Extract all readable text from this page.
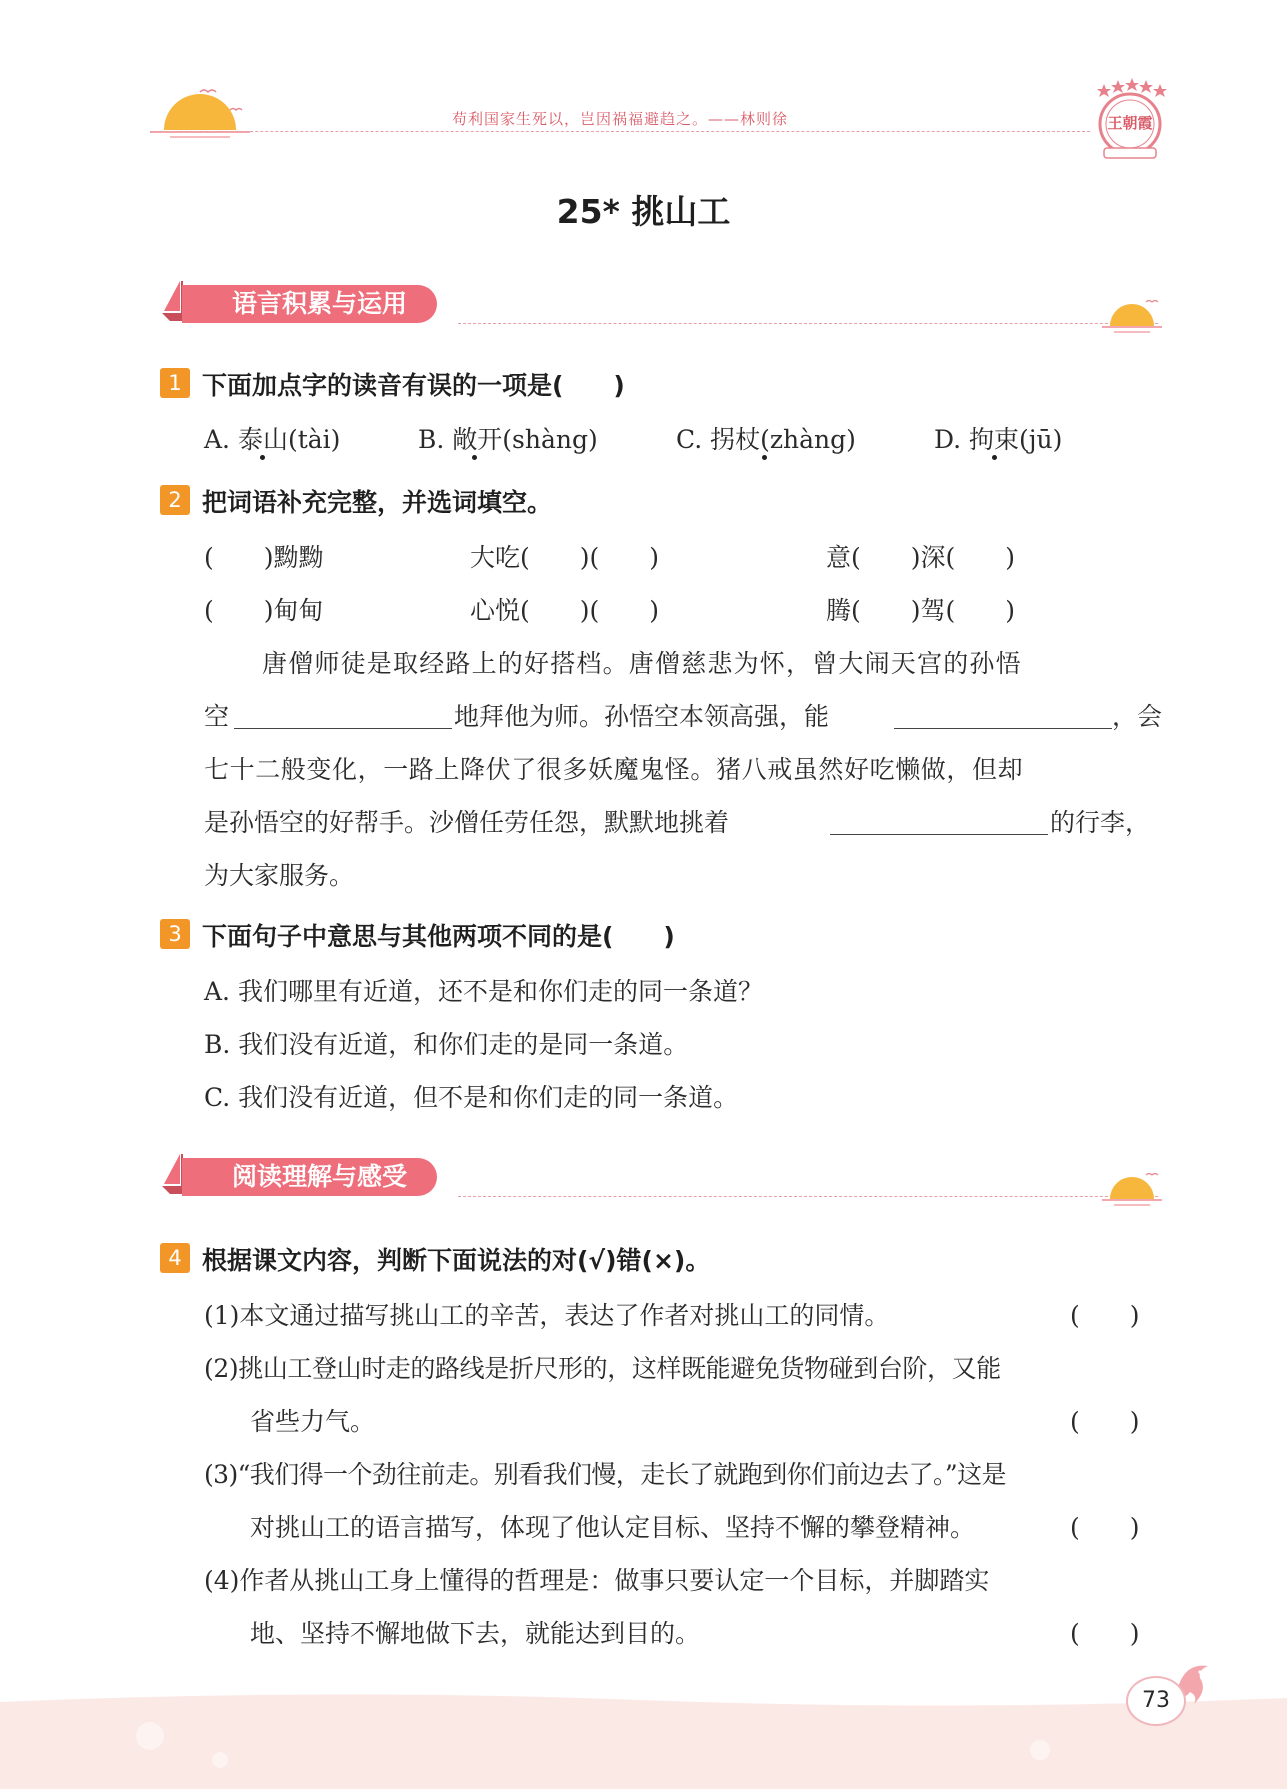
苟利国家生死以，岂因祸福避趋之。——林则徐	王朝霞
25* 挑山工
语言积累与运用
1 下面加点字的读音有误的一项是(　　)
A. 泰山(tài)	B. 敞开(shàng)	C. 拐杖(zhàng)	D. 拘束(jū)
2 把词语补充完整，并选词填空。
(　　)黝黝	大吃(　　)(　　)	意(　　)深(　　)
(　　)甸甸	心悦(　　)(　　)	腾(　　)驾(　　)
唐僧师徒是取经路上的好搭档。唐僧慈悲为怀，曾大闹天宫的孙悟
空	地拜他为师。孙悟空本领高强，能	，会
七十二般变化，一路上降伏了很多妖魔鬼怪。猪八戒虽然好吃懒做，但却
是孙悟空的好帮手。沙僧任劳任怨，默默地挑着	的行李，
为大家服务。
3 下面句子中意思与其他两项不同的是(　　)
A. 我们哪里有近道，还不是和你们走的同一条道？
B. 我们没有近道，和你们走的是同一条道。
C. 我们没有近道，但不是和你们走的同一条道。
阅读理解与感受
4 根据课文内容，判断下面说法的对(√)错(×)。
(1)本文通过描写挑山工的辛苦，表达了作者对挑山工的同情。	(　　)
(2)挑山工登山时走的路线是折尺形的，这样既能避免货物碰到台阶，又能
省些力气。	(　　)
(3)“我们得一个劲往前走。别看我们慢，走长了就跑到你们前边去了。”这是
对挑山工的语言描写，体现了他认定目标、坚持不懈的攀登精神。	(　　)
(4)作者从挑山工身上懂得的哲理是：做事只要认定一个目标，并脚踏实
地、坚持不懈地做下去，就能达到目的。	(　　)
73
